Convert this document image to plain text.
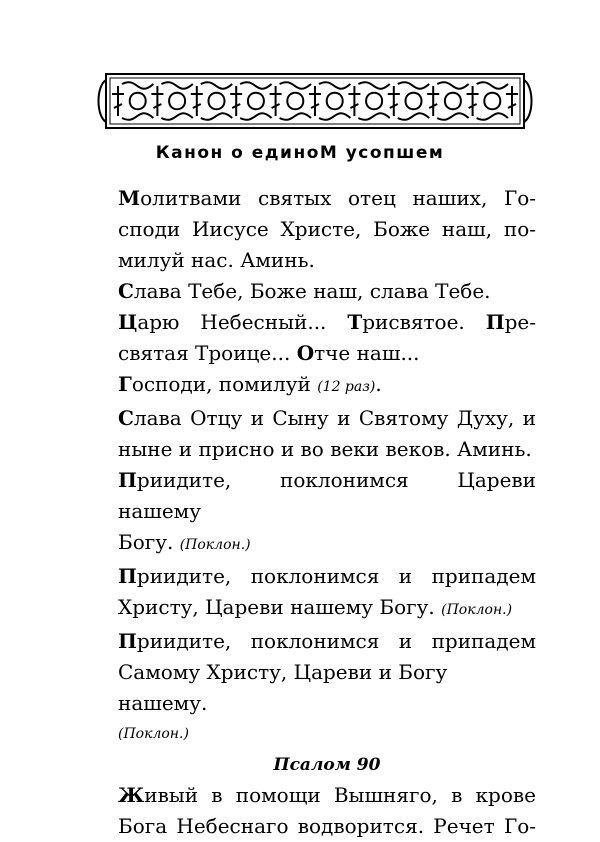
Канон о единоМ усопшем

Молитвами святых отец наших, Го-
споди Иисусе Христе, Боже наш, по-
милуй нас. Аминь.

Слава Тебе, Боже наш, слава Тебе.

Царю Небесный... Трисвятое. Пре-
святая Троице... Отче наш...

Господи, помилуй (12 раз).

Слава Отцу и Сыну и Святому Духу, и
ныне и присно и во веки веков. Аминь.

Приидите, поклонимся Цареви нашему
Богу. (Поклон.)

Приидите, поклонимся и припадем
Христу, Цареви нашему Богу. (Поклон.)

Приидите, поклонимся и припадем
Самому Христу, Цареви и Богу нашему.
(Поклон.)

Псалом 90

Живый в помощи Вышняго, в крове
Бога Небеснаго водворится. Речет Го-
